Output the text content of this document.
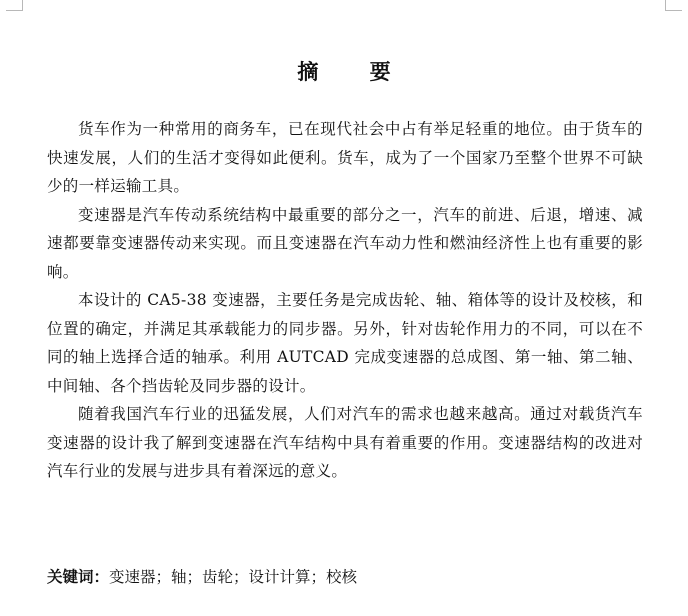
摘 要

货车作为一种常用的商务车，已在现代社会中占有举足轻重的地位。由于货车的快速发展，人们的生活才变得如此便利。货车，成为了一个国家乃至整个世界不可缺少的一样运输工具。

变速器是汽车传动系统结构中最重要的部分之一，汽车的前进、后退，增速、减速都要靠变速器传动来实现。而且变速器在汽车动力性和燃油经济性上也有重要的影响。

本设计的 CA5-38 变速器，主要任务是完成齿轮、轴、箱体等的设计及校核，和位置的确定，并满足其承载能力的同步器。另外，针对齿轮作用力的不同，可以在不同的轴上选择合适的轴承。利用 AUTCAD 完成变速器的总成图、第一轴、第二轴、中间轴、各个挡齿轮及同步器的设计。

随着我国汽车行业的迅猛发展，人们对汽车的需求也越来越高。通过对载货汽车变速器的设计我了解到变速器在汽车结构中具有着重要的作用。变速器结构的改进对汽车行业的发展与进步具有着深远的意义。

关键词：变速器；轴；齿轮；设计计算；校核
